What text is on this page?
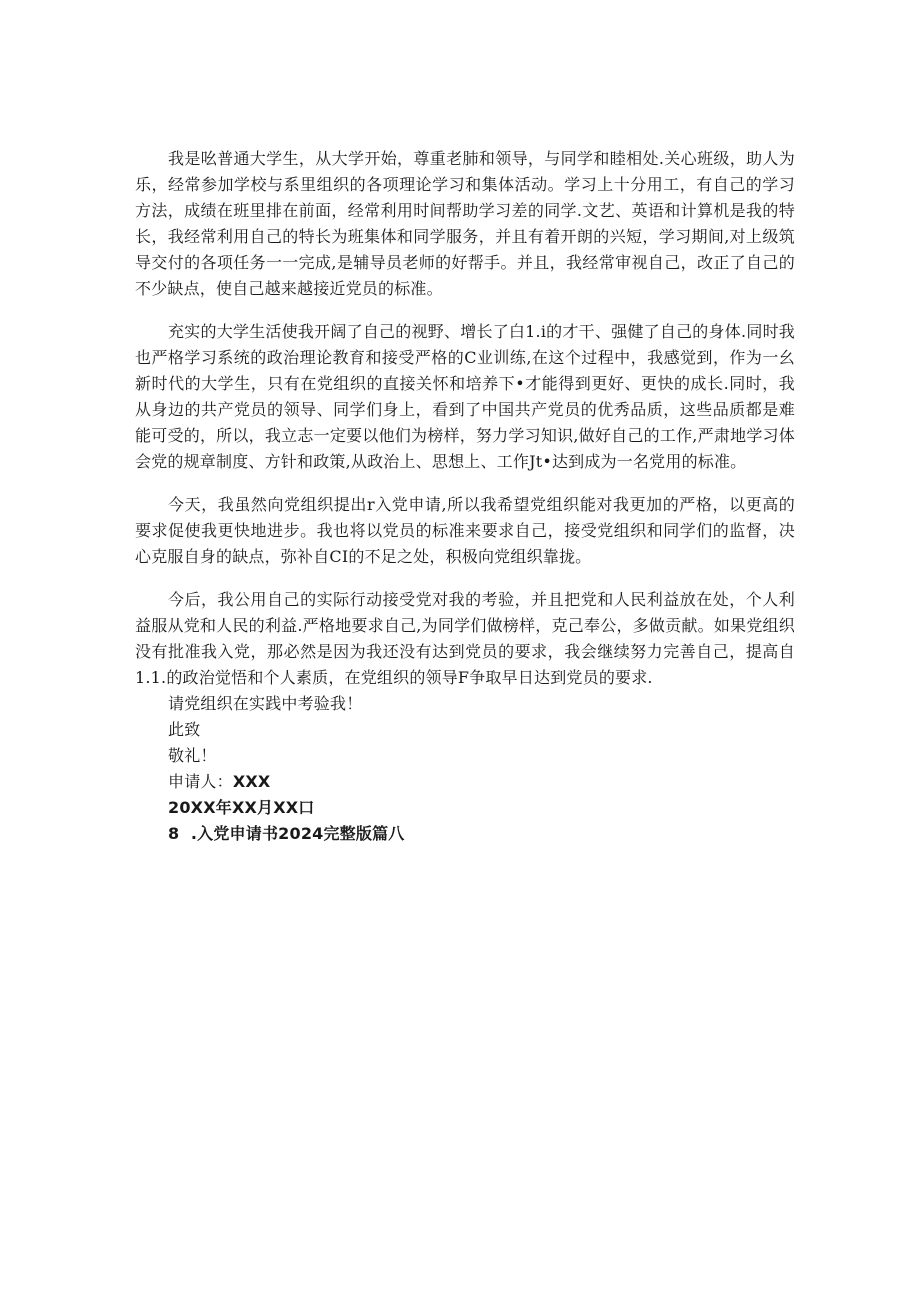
我是吆普通大学生，从大学开始，尊重老肺和领导，与同学和睦相处.关心班级，助人为乐，经常参加学校与系里组织的各项理论学习和集体活动。学习上十分用工，有自己的学习方法，成绩在班里排在前面，经常利用时间帮助学习差的同学.文艺、英语和计算机是我的特长，我经常利用自己的特长为班集体和同学服务，并且有着开朗的兴短，学习期间,对上级筑导交付的各项任务一一完成,是辅导员老师的好帮手。并且，我经常审视自己，改正了自己的不少缺点，使自己越来越接近党员的标准。

充实的大学生活使我开阔了自己的视野、增长了白1.i的才干、强健了自己的身体.同时我也严格学习系统的政治理论教育和接受严格的C业训练,在这个过程中，我感觉到，作为一幺新时代的大学生，只有在党组织的直接关怀和培养下•才能得到更好、更快的成长.同时，我从身边的共产党员的领导、同学们身上，看到了中国共产党员的优秀品质，这些品质都是难能可受的，所以，我立志一定要以他们为榜样，努力学习知识,做好自己的工作,严肃地学习体会党的规章制度、方针和政策,从政治上、思想上、工作Jt•达到成为一名党用的标准。

今天，我虽然向党组织提出r入党申请,所以我希望党组织能对我更加的严格，以更高的要求促使我更快地进步。我也将以党员的标准来要求自己，接受党组织和同学们的监督，决心克服自身的缺点，弥补自CI的不足之处，积极向党组织靠拢。

今后，我公用自己的实际行动接受党对我的考验，并且把党和人民利益放在处，个人利益服从党和人民的利益.严格地要求自己,为同学们做榜样，克己奉公，多做贡献。如果党组织没有批准我入党，那必然是因为我还没有达到党员的要求，我会继续努力完善自己，提高自1.1.的政治觉悟和个人素质，在党组织的领导F争取早日达到党员的要求.

请党组织在实践中考验我！

此致

敬礼！

申请人：XXX

20XX年XX月XX口

8  .入党申请书2024完整版篇八
